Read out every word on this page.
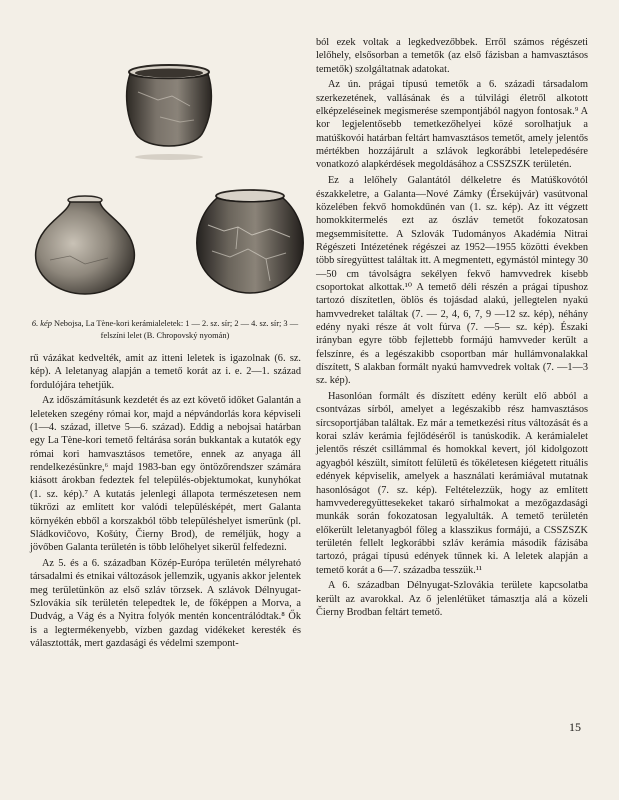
6. kép Nebojsa, La Tène-kori kerámialeletek: 1 — 2. sz. sír; 2 — 4. sz. sír; 3 — felszíni lelet (B. Chropovský nyomán)

rű vázákat kedvelték, amit az itteni leletek is igazolnak (6. sz. kép). A leletanyag alapján a temető korát az i. e. 2—1. század fordulójára tehetjük.

Az időszámításunk kezdetét és az ezt követő időket Galantán a leleteken szegény római kor, majd a népvándorlás kora képviseli (1—4. század, illetve 5—6. század). Eddig a nebojsai határban egy La Tène-kori temető feltárása során bukkantak a kutatók egy római kori hamvasztásos temetőre, ennek az anyaga áll rendelkezésünkre,⁶ majd 1983-ban egy öntözőrendszer számára kiásott árokban fedeztek fel település-objektumokat, kunyhókat (1. sz. kép).⁷ A kutatás jelenlegi állapota természetesen nem tükrözi az említett kor valódi településképét, mert Galanta környékén ebből a korszakból több településhelyet ismerünk (pl. Sládkovičovo, Košúty, Čierny Brod), de reméljük, hogy a jövőben Galanta területén is több lelőhelyet sikerül felfedezni.

Az 5. és a 6. században Közép-Európa területén mélyreható társadalmi és etnikai változások jellemzik, ugyanis akkor jelentek meg területünkön az első szláv törzsek. A szlávok Délnyugat-Szlovákia sík területén telepedtek le, de főképpen a Morva, a Dudvág, a Vág és a Nyitra folyók mentén koncentrálódtak.⁸ Ők is a legtermékenyebb, vízben gazdag vidékeket keresték és választották, mert gazdasági és védelmi szempont-

ból ezek voltak a legkedvezőbbek. Erről számos régészeti lelőhely, elsősorban a temetők (az első fázisban a hamvasztásos temetők) szolgáltatnak adatokat.

Az ún. prágai típusú temetők a 6. századi társadalom szerkezetének, vallásának és a túlvilági életről alkotott elképzeléseinek megismerése szempontjából nagyon fontosak.⁹ A kor legjelentősebb temetkezőhelyei közé sorolhatjuk a matúškovói határban feltárt hamvasztásos temetőt, amely jelentős mértékben hozzájárult a szlávok legkorábbi letelepedésére vonatkozó alapkérdések megoldásához a CSSZSZK területén.

Ez a lelőhely Galantától délkeletre és Matúškovótól északkeletre, a Galanta—Nové Zámky (Érsekújvár) vasútvonal közelében fekvő homokdűnén van (1. sz. kép). Az itt végzett homokkitermelés ezt az ószláv temetőt fokozatosan megsemmisítette. A Szlovák Tudományos Akadémia Nitrai Régészeti Intézetének régészei az 1952—1955 közötti években több síregyüttest találtak itt. A megmentett, egymástól mintegy 30—50 cm távolságra sekélyen fekvő hamvvedrek kisebb csoportokat alkottak.¹⁰ A temető déli részén a prágai típushoz tartozó díszítetlen, öblös és tojásdad alakú, jellegtelen nyakú hamvvedreket találtak (7. — 2, 4, 6, 7, 9 —12 sz. kép), néhány edény nyaki része át volt fúrva (7. —5— sz. kép). Északi irányban egyre több fejlettebb formájú hamvveder került a felszínre, és a legészakibb csoportban már hullámvonalakkal díszített, S alakban formált nyakú hamvvedrek voltak (7. —1—3 sz. kép).

Hasonlóan formált és díszített edény került elő abból a csontvázas sírból, amelyet a legészakibb rész hamvasztásos sírcsoportjában találtak. Ez már a temetkezési rítus változását és a korai szláv kerámia fejlődéséről is tanúskodik. A kerámialelet jelentős részét csillámmal és homokkal kevert, jól kidolgozott agyagból készült, simított felületű és tökéletesen kiégetett rituális edények képviselik, amelyek a használati kerámiával mutatnak hasonlóságot (7. sz. kép). Feltételezzük, hogy az említett hamvvederegyüttesekeket takaró sírhalmokat a mezőgazdasági munkák során fokozatosan legyalulták. A temető területén előkerült leletanyagból főleg a klasszikus formájú, a CSSZSZK területén fellelt legkorábbi szláv kerámia második fázisába tartozó, prágai típusú edények tűnnek ki. A leletek alapján a temető korát a 6—7. századba tesszük.¹¹

A 6. században Délnyugat-Szlovákia területe kapcsolatba került az avarokkal. Az ő jelenlétüket támasztja alá a közeli Čierny Brodban feltárt temető.

15
